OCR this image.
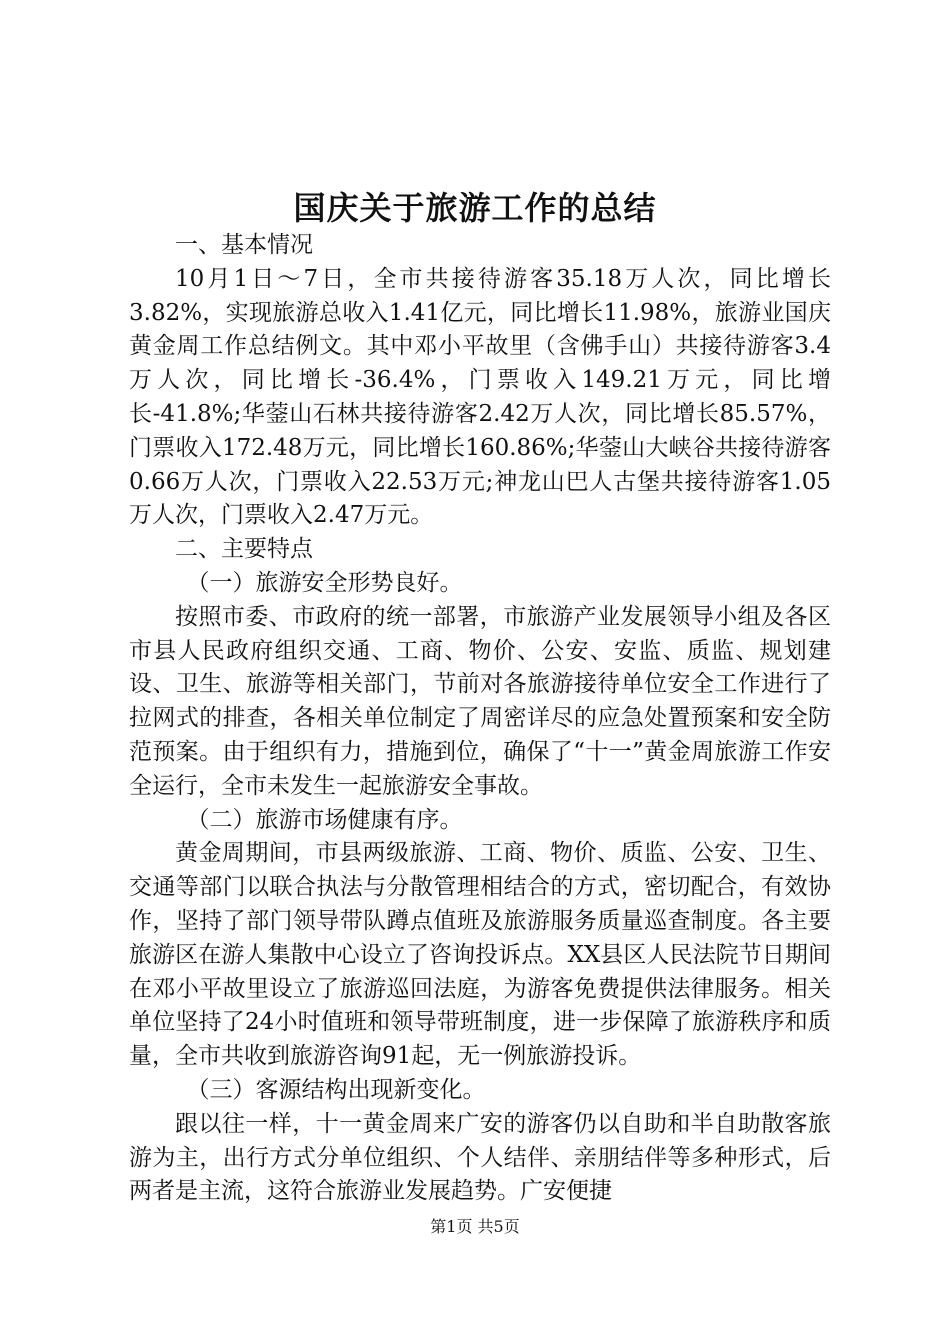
国庆关于旅游工作的总结

一、基本情况

10月1日～7日，全市共接待游客35.18万人次，同比增长3.82%，实现旅游总收入1.41亿元，同比增长11.98%，旅游业国庆黄金周工作总结例文。其中邓小平故里（含佛手山）共接待游客3.4万人次，同比增长-36.4%，门票收入149.21万元，同比增长-41.8%;华蓥山石林共接待游客2.42万人次，同比增长85.57%，门票收入172.48万元，同比增长160.86%;华蓥山大峡谷共接待游客0.66万人次，门票收入22.53万元;神龙山巴人古堡共接待游客1.05万人次，门票收入2.47万元。

二、主要特点

（一）旅游安全形势良好。

按照市委、市政府的统一部署，市旅游产业发展领导小组及各区市县人民政府组织交通、工商、物价、公安、安监、质监、规划建设、卫生、旅游等相关部门，节前对各旅游接待单位安全工作进行了拉网式的排查，各相关单位制定了周密详尽的应急处置预案和安全防范预案。由于组织有力，措施到位，确保了“十一”黄金周旅游工作安全运行，全市未发生一起旅游安全事故。

（二）旅游市场健康有序。

黄金周期间，市县两级旅游、工商、物价、质监、公安、卫生、交通等部门以联合执法与分散管理相结合的方式，密切配合，有效协作，坚持了部门领导带队蹲点值班及旅游服务质量巡查制度。各主要旅游区在游人集散中心设立了咨询投诉点。XX县区人民法院节日期间在邓小平故里设立了旅游巡回法庭，为游客免费提供法律服务。相关单位坚持了24小时值班和领导带班制度，进一步保障了旅游秩序和质量，全市共收到旅游咨询91起，无一例旅游投诉。

（三）客源结构出现新变化。

跟以往一样，十一黄金周来广安的游客仍以自助和半自助散客旅游为主，出行方式分单位组织、个人结伴、亲朋结伴等多种形式，后两者是主流，这符合旅游业发展趋势。广安便捷

第1页 共5页
